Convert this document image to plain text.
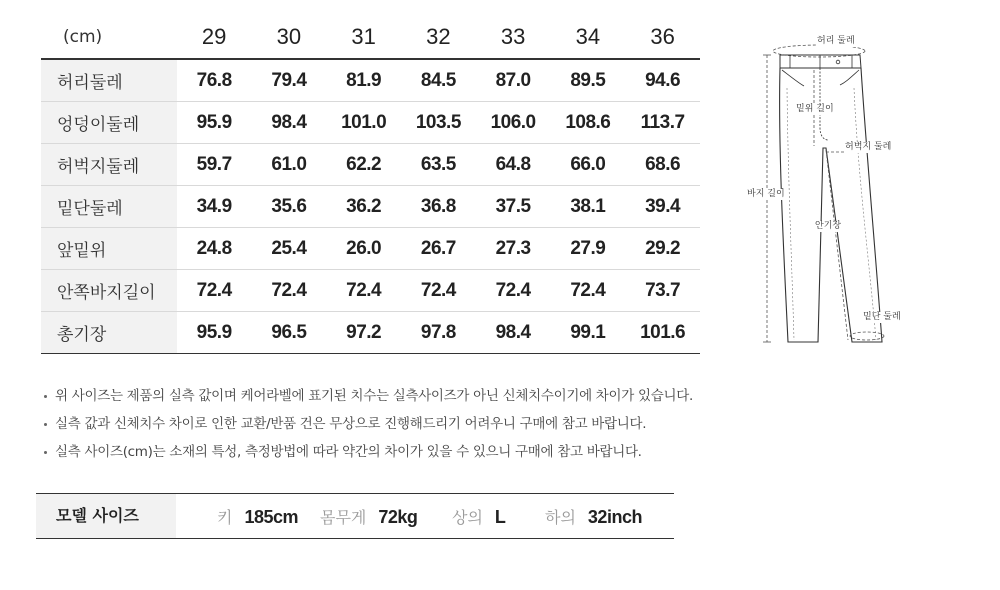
(cm)	29	30	31	32	33	34	36
허리둘레	76.8	79.4	81.9	84.5	87.0	89.5	94.6
엉덩이둘레	95.9	98.4	101.0	103.5	106.0	108.6	113.7
허벅지둘레	59.7	61.0	62.2	63.5	64.8	66.0	68.6
밑단둘레	34.9	35.6	36.2	36.8	37.5	38.1	39.4
앞밑위	24.8	25.4	26.0	26.7	27.3	27.9	29.2
안쪽바지길이	72.4	72.4	72.4	72.4	72.4	72.4	73.7
총기장	95.9	96.5	97.2	97.8	98.4	99.1	101.6
허리 둘레
밑위 길이
허벅지 둘레
바지 길이
안기장
밑단 둘레
위 사이즈는 제품의 실측 값이며 케어라벨에 표기된 치수는 실측사이즈가 아닌 신체치수이기에 차이가 있습니다.
실측 값과 신체치수 차이로 인한 교환/반품 건은 무상으로 진행해드리기 어려우니 구매에 참고 바랍니다.
실측 사이즈(cm)는 소재의 특성, 측정방법에 따라 약간의 차이가 있을 수 있으니 구매에 참고 바랍니다.
모델 사이즈	키 185cm 몸무게 72kg 상의 L 하의 32inch
